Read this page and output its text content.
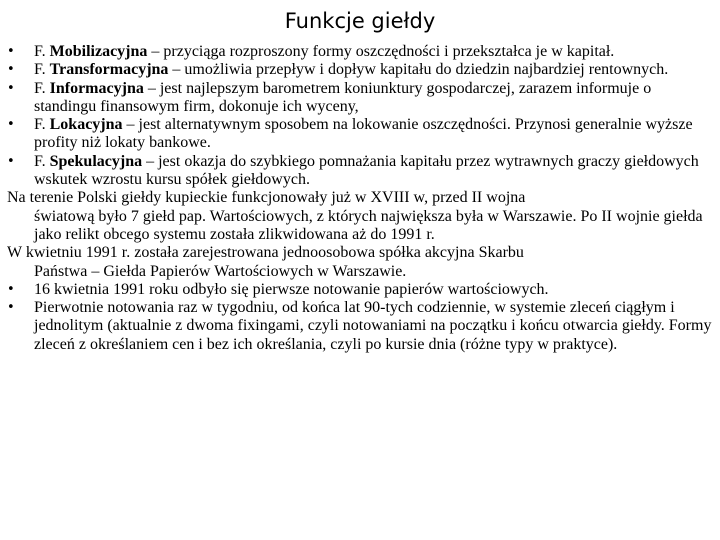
Funkcje giełdy
•	F. Mobilizacyjna – przyciąga rozproszony formy oszczędności i przekształca je w kapitał.
•	F. Transformacyjna – umożliwia przepływ i dopływ kapitału do dziedzin najbardziej rentownych.
•	F. Informacyjna – jest najlepszym barometrem koniunktury gospodarczej, zarazem informuje o standingu finansowym firm, dokonuje ich wyceny,
•	F. Lokacyjna – jest alternatywnym sposobem na lokowanie oszczędności. Przynosi generalnie wyższe profity niż lokaty bankowe.
•	F. Spekulacyjna – jest okazja do szybkiego pomnażania kapitału przez wytrawnych graczy giełdowych wskutek wzrostu kursu spółek giełdowych.
Na terenie Polski giełdy kupieckie funkcjonowały już w XVIII w, przed II wojna
światową było 7 giełd pap. Wartościowych, z których największa była w Warszawie. Po II wojnie giełda jako relikt obcego systemu została zlikwidowana aż do 1991 r.
W kwietniu 1991 r. została zarejestrowana jednoosobowa spółka akcyjna Skarbu
Państwa – Giełda Papierów Wartościowych w Warszawie.
•	16 kwietnia 1991 roku odbyło się pierwsze notowanie papierów wartościowych.
•	Pierwotnie notowania raz w tygodniu, od końca lat 90-tych codziennie, w systemie zleceń ciągłym i jednolitym (aktualnie z dwoma fixingami, czyli notowaniami na początku i końcu otwarcia giełdy. Formy zleceń z określaniem cen i bez ich określania, czyli po kursie dnia (różne typy w praktyce).
